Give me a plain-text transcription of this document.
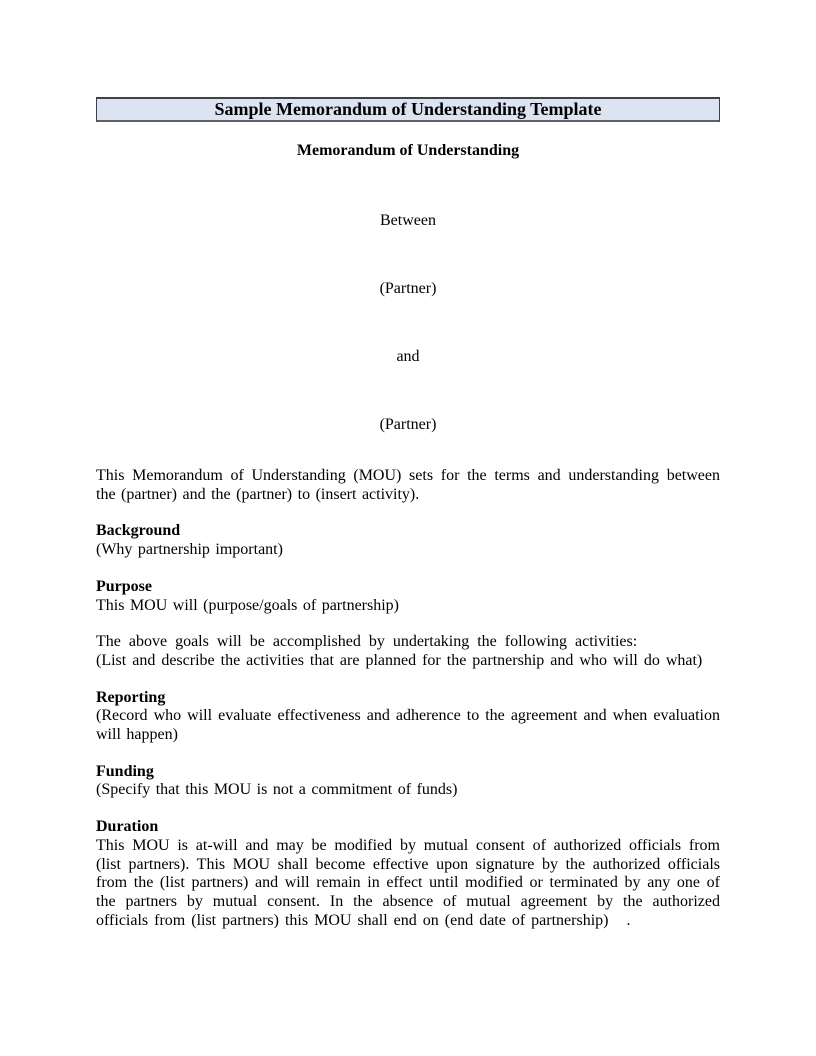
Sample Memorandum of Understanding Template
Memorandum of Understanding

Between

(Partner)

and

(Partner)

This Memorandum of Understanding (MOU) sets for the terms and understanding between the (partner) and the (partner) to (insert activity).

Background
(Why partnership important)
Purpose
This MOU will (purpose/goals of partnership)
The above goals will be accomplished by undertaking the following activities:
(List and describe the activities that are planned for the partnership and who will do what)
Reporting
(Record who will evaluate effectiveness and adherence to the agreement and when evaluation will happen)
Funding
(Specify that this MOU is not a commitment of funds)
Duration
This MOU is at-will and may be modified by mutual consent of authorized officials from (list partners). This MOU shall become effective upon signature by the authorized officials from the (list partners) and will remain in effect until modified or terminated by any one of the partners by mutual consent. In the absence of mutual agreement by the authorized officials from (list partners) this MOU shall end on (end date of partnership)   .
